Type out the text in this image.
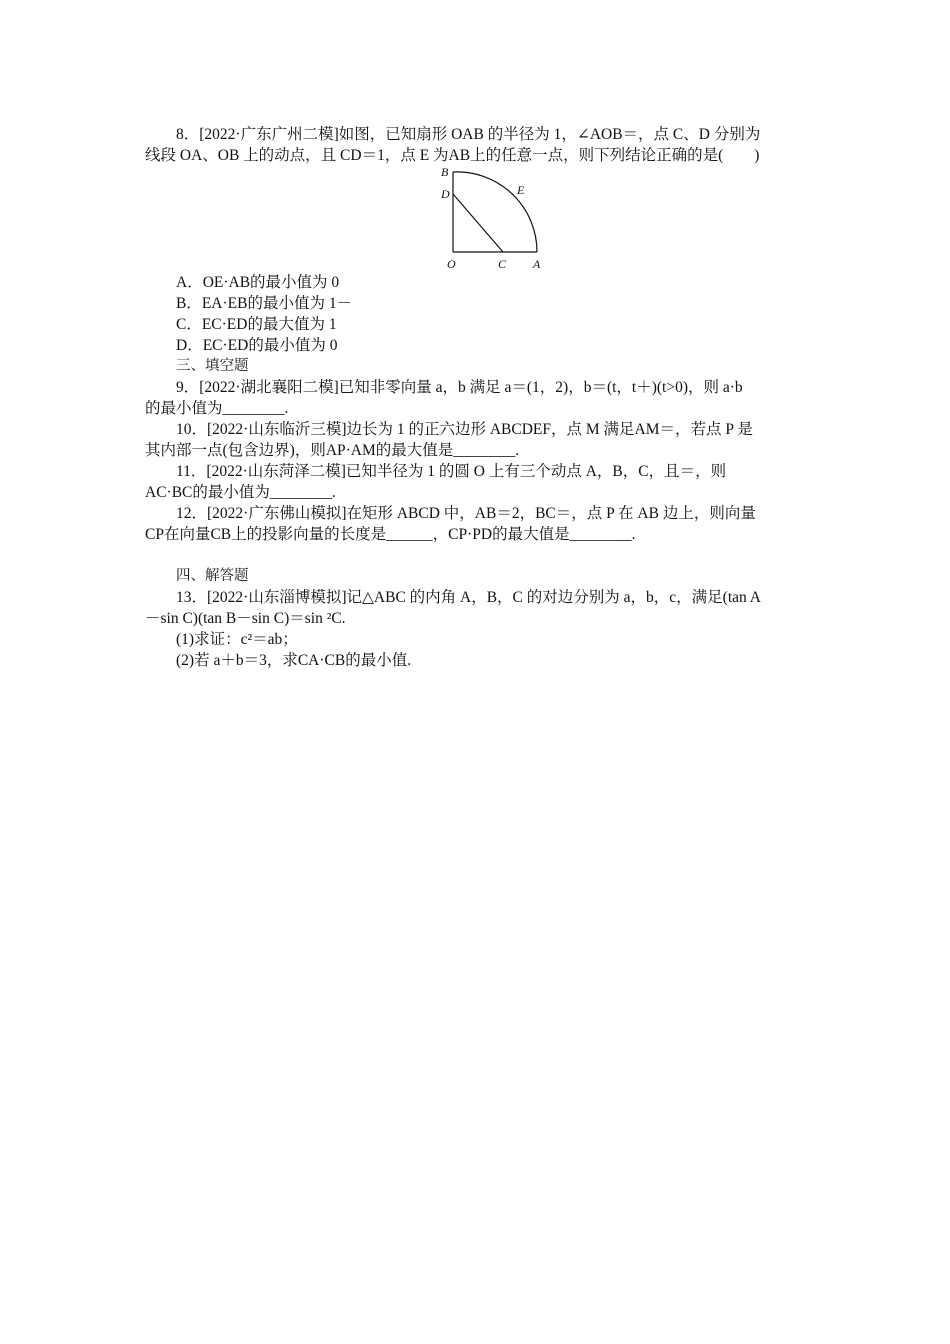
8．[2022·广东广州二模]如图，已知扇形 OAB 的半径为 1，∠AOB＝，点 C、D 分别为

线段 OA、OB 上的动点，且 CD＝1，点 E 为AB上的任意一点，则下列结论正确的是(　　)

B
D	E
O	C A

A．OE·AB的最小值为 0

B．EA·EB的最小值为 1－

C．EC·ED的最大值为 1

D．EC·ED的最小值为 0

三、填空题

9．[2022·湖北襄阳二模]已知非零向量 a，b 满足 a＝(1，2)，b＝(t，t＋)(t>0)，则 a·b

的最小值为________.

10．[2022·山东临沂三模]边长为 1 的正六边形 ABCDEF，点 M 满足AM＝，若点 P 是

其内部一点(包含边界)，则AP·AM的最大值是________.

11．[2022·山东菏泽二模]已知半径为 1 的圆 O 上有三个动点 A，B，C，且＝，则

AC·BC的最小值为________.

12．[2022·广东佛山模拟]在矩形 ABCD 中，AB＝2，BC＝，点 P 在 AB 边上，则向量

CP在向量CB上的投影向量的长度是______，CP·PD的最大值是________.

四、解答题

13．[2022·山东淄博模拟]记△ABC 的内角 A，B，C 的对边分别为 a，b，c，满足(tan A

－sin C)(tan B－sin C)＝sin ²C.

(1)求证：c²＝ab；

(2)若 a＋b＝3，求CA·CB的最小值.
